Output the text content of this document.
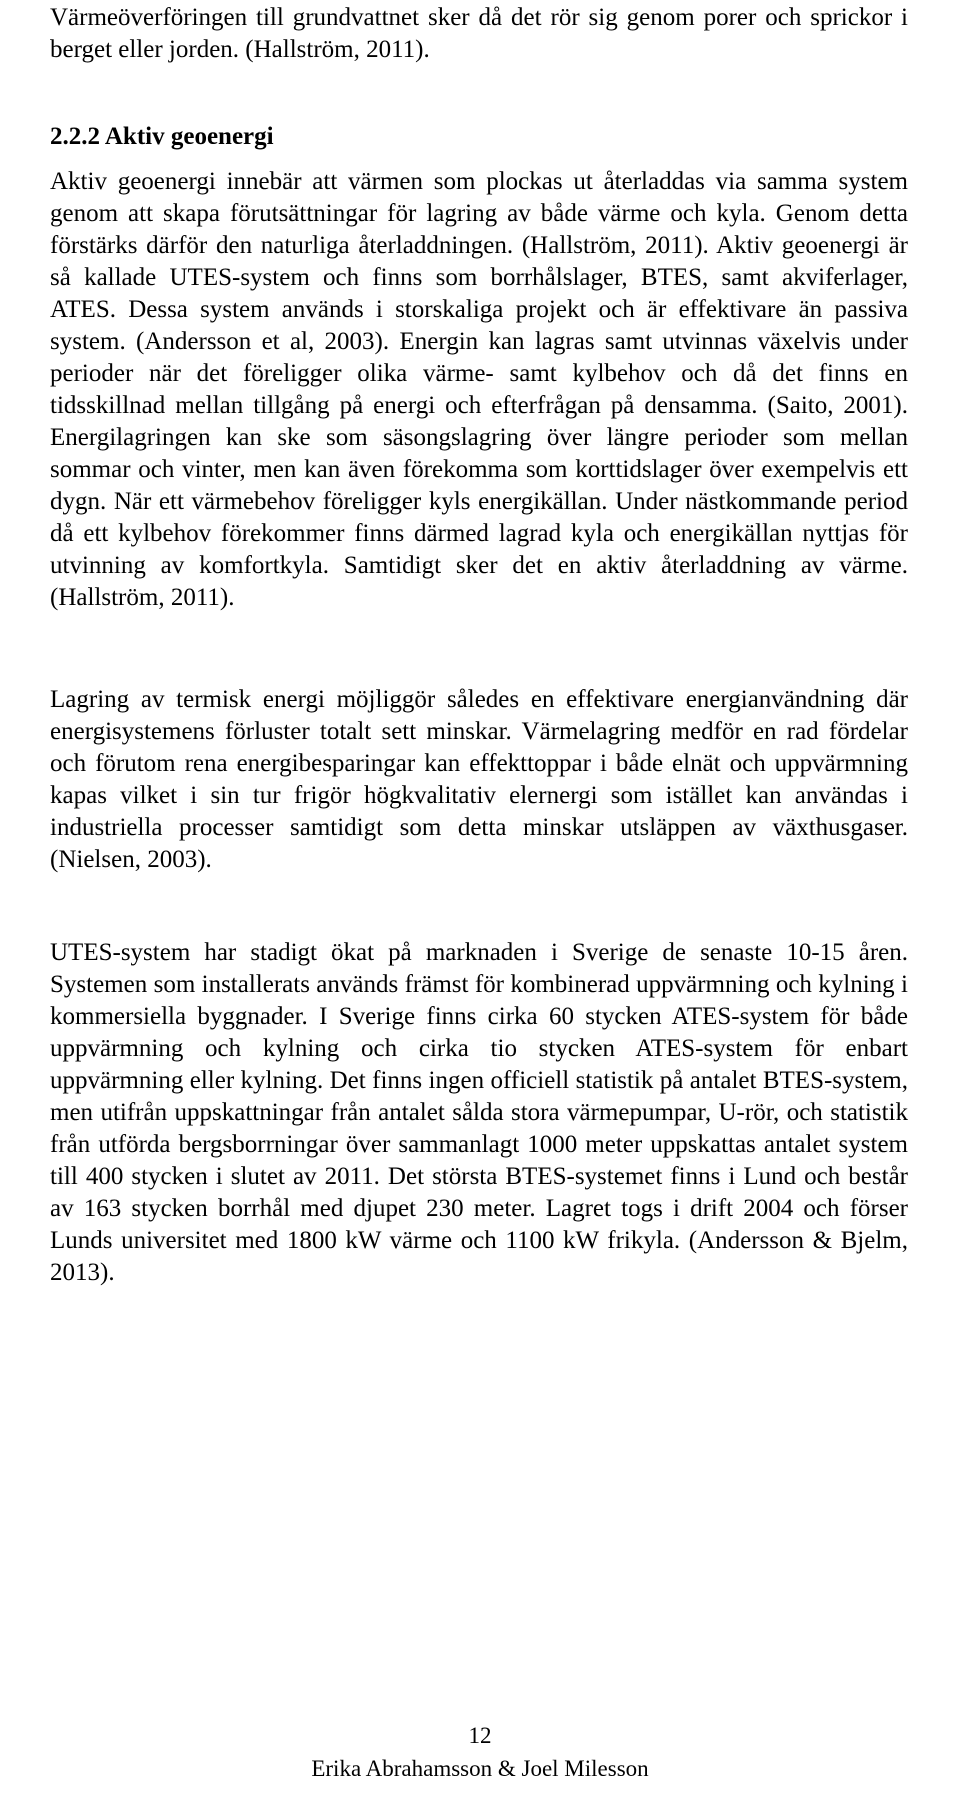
Värmeöverföringen till grundvattnet sker då det rör sig genom porer och sprickor i berget eller jorden. (Hallström, 2011).

2.2.2 Aktiv geoenergi

Aktiv geoenergi innebär att värmen som plockas ut återladdas via samma system genom att skapa förutsättningar för lagring av både värme och kyla. Genom detta förstärks därför den naturliga återladdningen. (Hallström, 2011). Aktiv geoenergi är så kallade UTES-system och finns som borrhålslager, BTES, samt akviferlager, ATES. Dessa system används i storskaliga projekt och är effektivare än passiva system. (Andersson et al, 2003). Energin kan lagras samt utvinnas växelvis under perioder när det föreligger olika värme- samt kylbehov och då det finns en tidsskillnad mellan tillgång på energi och efterfrågan på densamma. (Saito, 2001). Energilagringen kan ske som säsongslagring över längre perioder som mellan sommar och vinter, men kan även förekomma som korttidslager över exempelvis ett dygn. När ett värmebehov föreligger kyls energikällan. Under nästkommande period då ett kylbehov förekommer finns därmed lagrad kyla och energikällan nyttjas för utvinning av komfortkyla. Samtidigt sker det en aktiv återladdning av värme. (Hallström, 2011).

Lagring av termisk energi möjliggör således en effektivare energianvändning där energisystemens förluster totalt sett minskar. Värmelagring medför en rad fördelar och förutom rena energibesparingar kan effekttoppar i både elnät och uppvärmning kapas vilket i sin tur frigör högkvalitativ elernergi som istället kan användas i industriella processer samtidigt som detta minskar utsläppen av växthusgaser. (Nielsen, 2003).

UTES-system har stadigt ökat på marknaden i Sverige de senaste 10-15 åren. Systemen som installerats används främst för kombinerad uppvärmning och kylning i kommersiella byggnader. I Sverige finns cirka 60 stycken ATES-system för både uppvärmning och kylning och cirka tio stycken ATES-system för enbart uppvärmning eller kylning. Det finns ingen officiell statistik på antalet BTES-system, men utifrån uppskattningar från antalet sålda stora värmepumpar, U-rör, och statistik från utförda bergsborrningar över sammanlagt 1000 meter uppskattas antalet system till 400 stycken i slutet av 2011. Det största BTES-systemet finns i Lund och består av 163 stycken borrhål med djupet 230 meter. Lagret togs i drift 2004 och förser Lunds universitet med 1800 kW värme och 1100 kW frikyla. (Andersson & Bjelm, 2013).

12
Erika Abrahamsson & Joel Milesson
